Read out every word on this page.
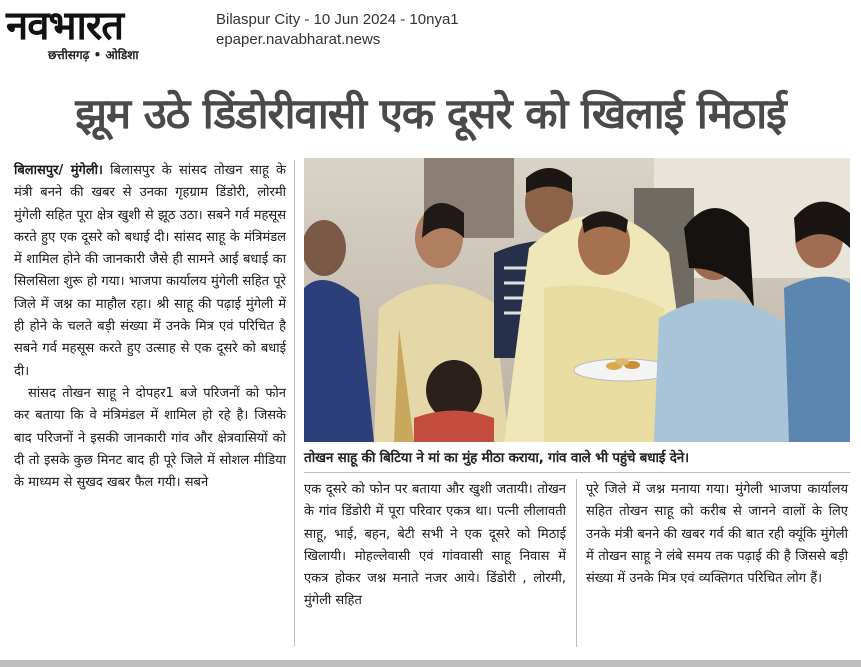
नवभारत
छत्तीसगढ़ • ओडिशा
Bilaspur City - 10 Jun 2024 - 10nya1
epaper.navabharat.news
झूम उठे डिंडोरीवासी एक दूसरे को खिलाई मिठाई

बिलासपुर/ मुंगेली। बिलासपुर के सांसद तोखन साहू के मंत्री बनने की खबर से उनका गृहग्राम डिंडोरी, लोरमी मुंगेली सहित पूरा क्षेत्र खुशी से झूठ उठा। सबने गर्व महसूस करते हुए एक दूसरे को बधाई दी। सांसद साहू के मंत्रिमंडल में शामिल होने की जानकारी जैसे ही सामने आई बधाई का सिलसिला शुरू हो गया। भाजपा कार्यालय मुंगेली सहित पूरे जिले में जश्न का माहौल रहा। श्री साहू की पढ़ाई मुंगेली में ही होने के चलते बड़ी संख्या में उनके मित्र एवं परिचित है सबने गर्व महसूस करते हुए उत्साह से एक दूसरे को बधाई दी।

सांसद तोखन साहू ने दोपहर1 बजे परिजनों को फोन कर बताया कि वे मंत्रिमंडल में शामिल हो रहे है। जिसके बाद परिजनों ने इसकी जानकारी गांव और क्षेत्रवासियों को दी तो इसके कुछ मिनट बाद ही पूरे जिले में सोशल मीडिया के माध्यम से सुखद खबर फैल गयी। सबने

तोखन साहू की बिटिया ने मां का मुंह मीठा कराया, गांव वाले भी पहुंचे बधाई देने।
एक दूसरे को फोन पर बताया और खुशी जतायी। तोखन के गांव डिंडोरी में पूरा परिवार एकत्र था। पत्नी लीलावती साहू, भाई, बहन, बेटी सभी ने एक दूसरे को मिठाई खिलायी। मोहल्लेवासी एवं गांववासी साहू निवास में एकत्र होकर जश्न मनाते नजर आये। डिंडोरी , लोरमी, मुंगेली सहित
पूरे जिले में जश्न मनाया गया। मुंगेली भाजपा कार्यालय सहित तोखन साहू को करीब से जानने वालों के लिए उनके मंत्री बनने की खबर गर्व की बात रही क्यूंकि मुंगेली में तोखन साहू ने लंबे समय तक पढ़ाई की है जिससे बड़ी संख्या में उनके मित्र एवं व्यक्तिगत परिचित लोग हैं।
